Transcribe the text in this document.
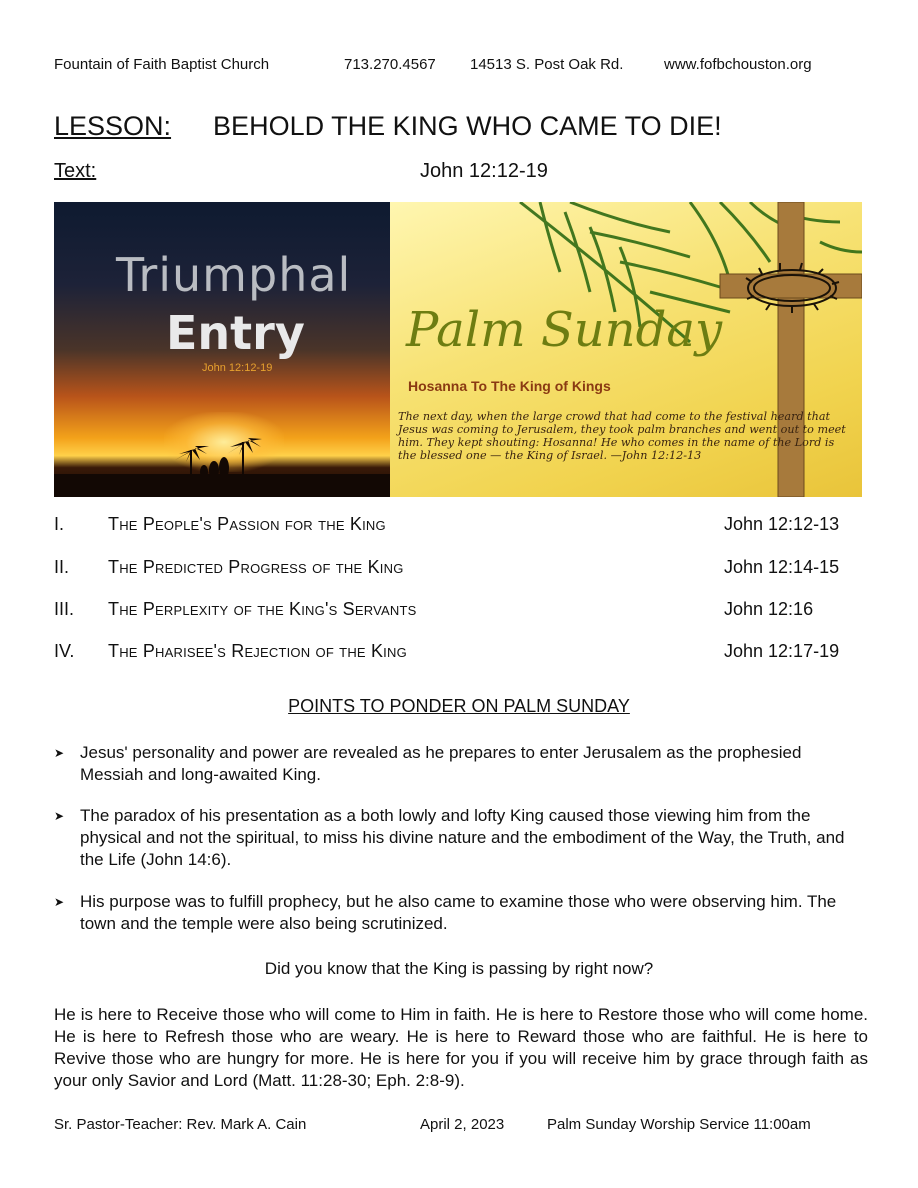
Fountain of Faith Baptist Church	713.270.4567 14513 S. Post Oak Rd.	www.fofbchouston.org
LESSON: BEHOLD THE KING WHO CAME TO DIE!
Text:	John 12:12-19
Triumphal
Entry
John 12:12-19
Palm Sunday
Hosanna To The King of Kings
The next day, when the large crowd that had come to the festival heard that Jesus was coming to Jerusalem, they took palm branches and went out to meet him. They kept shouting: Hosanna! He who comes in the name of the Lord is the blessed one — the King of Israel. —John 12:12-13
I. The People's Passion for the King	John 12:12-13
II. The Predicted Progress of the King	John 12:14-15
III. The Perplexity of the King's Servants	John 12:16
IV. The Pharisee's Rejection of the King	John 12:17-19
POINTS TO PONDER ON PALM SUNDAY
➤ Jesus' personality and power are revealed as he prepares to enter Jerusalem as the prophesied Messiah and long-awaited King.
➤ The paradox of his presentation as a both lowly and lofty King caused those viewing him from the physical and not the spiritual, to miss his divine nature and the embodiment of the Way, the Truth, and the Life (John 14:6).
➤ His purpose was to fulfill prophecy, but he also came to examine those who were observing him. The town and the temple were also being scrutinized.
Did you know that the King is passing by right now?
He is here to Receive those who will come to Him in faith. He is here to Restore those who will come home. He is here to Refresh those who are weary. He is here to Reward those who are faithful. He is here to Revive those who are hungry for more. He is here for you if you will receive him by grace through faith as your only Savior and Lord (Matt. 11:28-30; Eph. 2:8-9).
Sr. Pastor-Teacher: Rev. Mark A. Cain	April 2, 2023	Palm Sunday Worship Service 11:00am
